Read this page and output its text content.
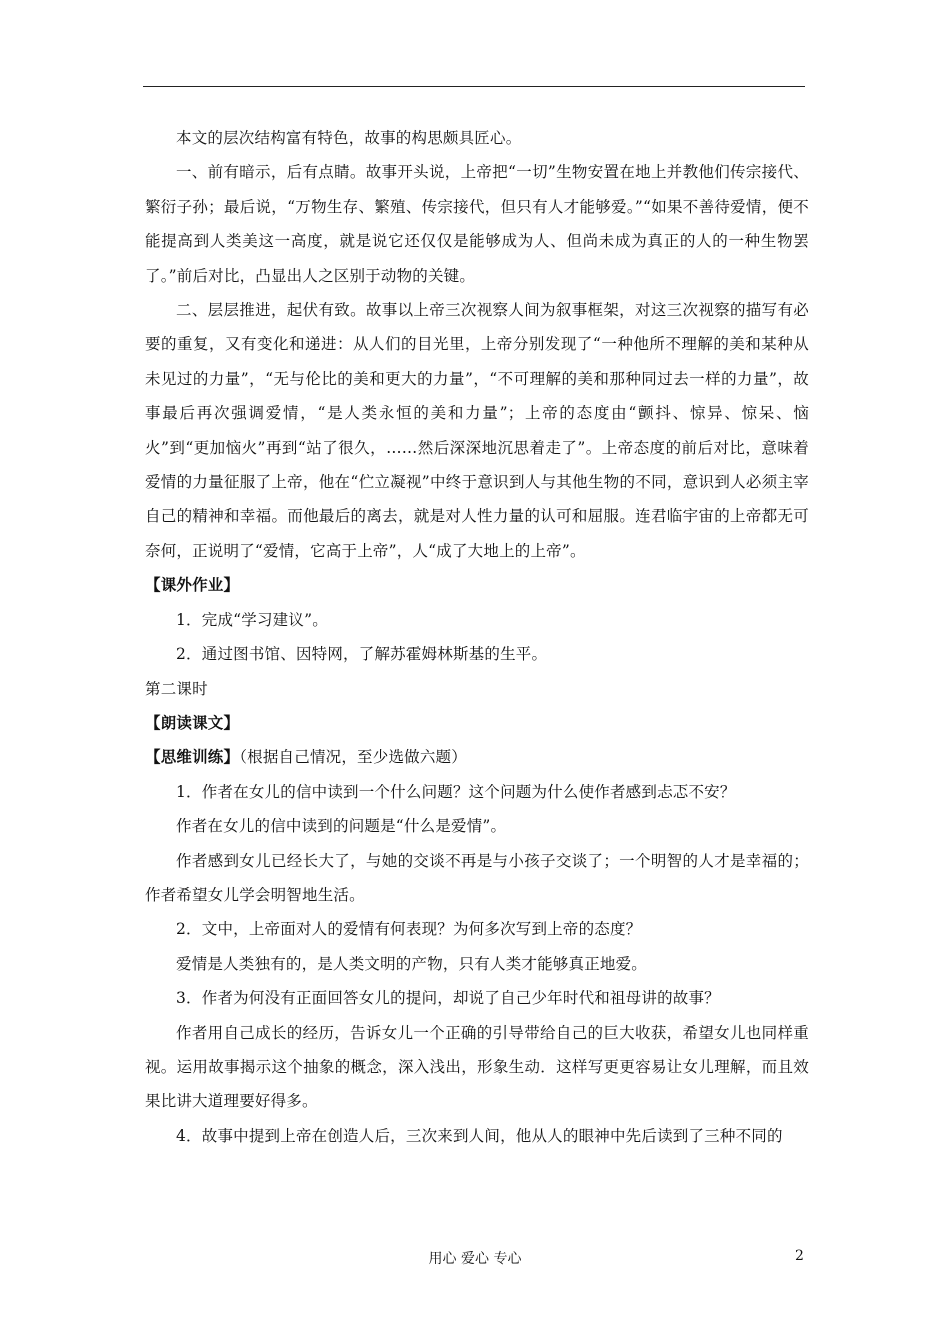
本文的层次结构富有特色，故事的构思颇具匠心。

一、前有暗示，后有点睛。故事开头说，上帝把“一切”生物安置在地上并教他们传宗接代、繁衍子孙；最后说，“万物生存、繁殖、传宗接代，但只有人才能够爱。”“如果不善待爱情，便不能提高到人类美这一高度，就是说它还仅仅是能够成为人、但尚未成为真正的人的一种生物罢了。”前后对比，凸显出人之区别于动物的关键。

二、层层推进，起伏有致。故事以上帝三次视察人间为叙事框架，对这三次视察的描写有必要的重复，又有变化和递进：从人们的目光里，上帝分别发现了“一种他所不理解的美和某种从未见过的力量”，“无与伦比的美和更大的力量”，“不可理解的美和那种同过去一样的力量”，故事最后再次强调爱情，“是人类永恒的美和力量”；上帝的态度由“颤抖、惊异、惊呆、恼火”到“更加恼火”再到“站了很久，……然后深深地沉思着走了”。上帝态度的前后对比，意味着爱情的力量征服了上帝，他在“伫立凝视”中终于意识到人与其他生物的不同，意识到人必须主宰自己的精神和幸福。而他最后的离去，就是对人性力量的认可和屈服。连君临宇宙的上帝都无可奈何，正说明了“爱情，它高于上帝”，人“成了大地上的上帝”。

【课外作业】

1．完成“学习建议”。

2．通过图书馆、因特网，了解苏霍姆林斯基的生平。

第二课时

【朗读课文】

【思维训练】（根据自己情况，至少选做六题）

1．作者在女儿的信中读到一个什么问题？这个问题为什么使作者感到忐忑不安？

作者在女儿的信中读到的问题是“什么是爱情”。

作者感到女儿已经长大了，与她的交谈不再是与小孩子交谈了；一个明智的人才是幸福的；作者希望女儿学会明智地生活。

2．文中，上帝面对人的爱情有何表现？为何多次写到上帝的态度？

爱情是人类独有的，是人类文明的产物，只有人类才能够真正地爱。

3．作者为何没有正面回答女儿的提问，却说了自己少年时代和祖母讲的故事？

作者用自己成长的经历，告诉女儿一个正确的引导带给自己的巨大收获，希望女儿也同样重视。运用故事揭示这个抽象的概念，深入浅出，形象生动．这样写更更容易让女儿理解，而且效果比讲大道理要好得多。

4．故事中提到上帝在创造人后，三次来到人间，他从人的眼神中先后读到了三种不同的

用心 爱心 专心	2
